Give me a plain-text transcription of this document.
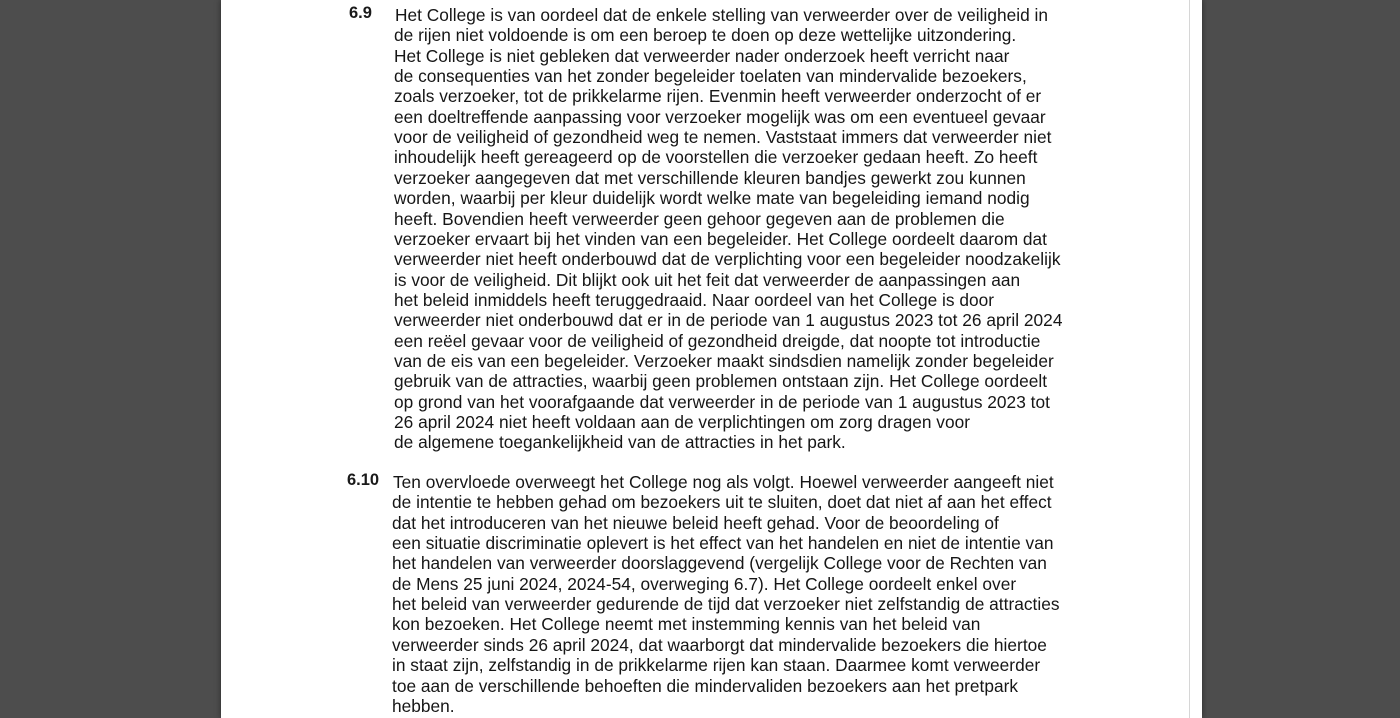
6.9 Het College is van oordeel dat de enkele stelling van verweerder over de veiligheid in
de rijen niet voldoende is om een beroep te doen op deze wettelijke uitzondering.
Het College is niet gebleken dat verweerder nader onderzoek heeft verricht naar
de consequenties van het zonder begeleider toelaten van mindervalide bezoekers,
zoals verzoeker, tot de prikkelarme rijen. Evenmin heeft verweerder onderzocht of er
een doeltreffende aanpassing voor verzoeker mogelijk was om een eventueel gevaar
voor de veiligheid of gezondheid weg te nemen. Vaststaat immers dat verweerder niet
inhoudelijk heeft gereageerd op de voorstellen die verzoeker gedaan heeft. Zo heeft
verzoeker aangegeven dat met verschillende kleuren bandjes gewerkt zou kunnen
worden, waarbij per kleur duidelijk wordt welke mate van begeleiding iemand nodig
heeft. Bovendien heeft verweerder geen gehoor gegeven aan de problemen die
verzoeker ervaart bij het vinden van een begeleider. Het College oordeelt daarom dat
verweerder niet heeft onderbouwd dat de verplichting voor een begeleider noodzakelijk
is voor de veiligheid. Dit blijkt ook uit het feit dat verweerder de aanpassingen aan
het beleid inmiddels heeft teruggedraaid. Naar oordeel van het College is door
verweerder niet onderbouwd dat er in de periode van 1 augustus 2023 tot 26 april 2024
een reëel gevaar voor de veiligheid of gezondheid dreigde, dat noopte tot introductie
van de eis van een begeleider. Verzoeker maakt sindsdien namelijk zonder begeleider
gebruik van de attracties, waarbij geen problemen ontstaan zijn. Het College oordeelt
op grond van het voorafgaande dat verweerder in de periode van 1 augustus 2023 tot
26 april 2024 niet heeft voldaan aan de verplichtingen om zorg dragen voor
de algemene toegankelijkheid van de attracties in het park.
6.10 Ten overvloede overweegt het College nog als volgt. Hoewel verweerder aangeeft niet
de intentie te hebben gehad om bezoekers uit te sluiten, doet dat niet af aan het effect
dat het introduceren van het nieuwe beleid heeft gehad. Voor de beoordeling of
een situatie discriminatie oplevert is het effect van het handelen en niet de intentie van
het handelen van verweerder doorslaggevend (vergelijk College voor de Rechten van
de Mens 25 juni 2024, 2024-54, overweging 6.7). Het College oordeelt enkel over
het beleid van verweerder gedurende de tijd dat verzoeker niet zelfstandig de attracties
kon bezoeken. Het College neemt met instemming kennis van het beleid van
verweerder sinds 26 april 2024, dat waarborgt dat mindervalide bezoekers die hiertoe
in staat zijn, zelfstandig in de prikkelarme rijen kan staan. Daarmee komt verweerder
toe aan de verschillende behoeften die mindervaliden bezoekers aan het pretpark
hebben.
